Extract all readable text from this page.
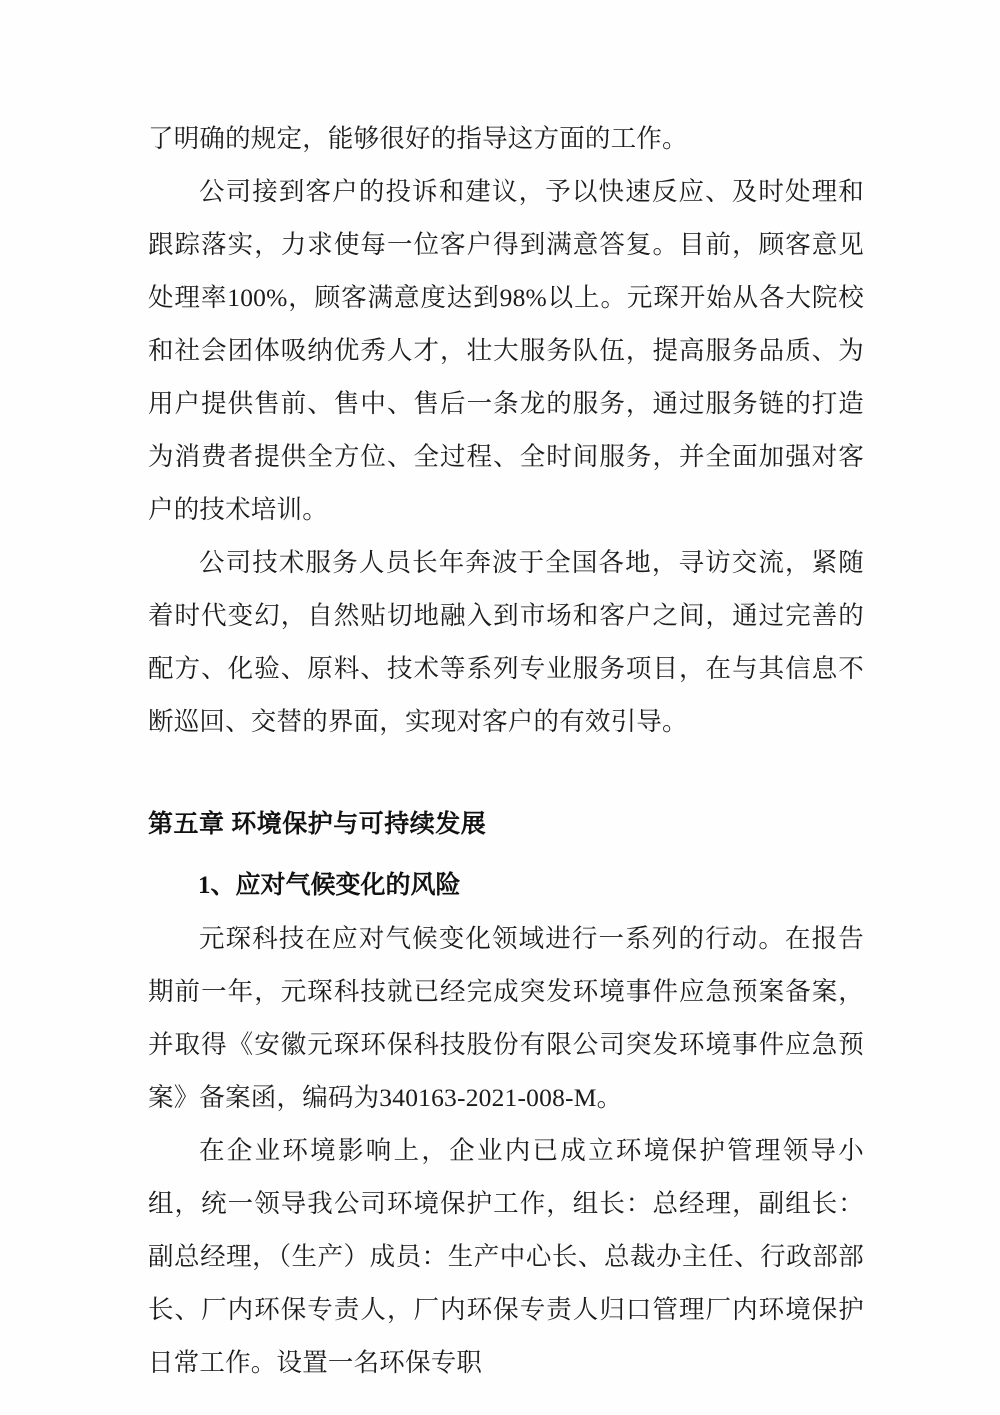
了明确的规定，能够很好的指导这方面的工作。

公司接到客户的投诉和建议，予以快速反应、及时处理和跟踪落实，力求使每一位客户得到满意答复。目前，顾客意见处理率100%，顾客满意度达到98%以上。元琛开始从各大院校和社会团体吸纳优秀人才，壮大服务队伍，提高服务品质、为用户提供售前、售中、售后一条龙的服务，通过服务链的打造为消费者提供全方位、全过程、全时间服务，并全面加强对客户的技术培训。

公司技术服务人员长年奔波于全国各地，寻访交流，紧随着时代变幻，自然贴切地融入到市场和客户之间，通过完善的配方、化验、原料、技术等系列专业服务项目，在与其信息不断巡回、交替的界面，实现对客户的有效引导。

第五章 环境保护与可持续发展
1、应对气候变化的风险

元琛科技在应对气候变化领域进行一系列的行动。在报告期前一年，元琛科技就已经完成突发环境事件应急预案备案，并取得《安徽元琛环保科技股份有限公司突发环境事件应急预案》备案函，编码为340163-2021-008-M。

在企业环境影响上，企业内已成立环境保护管理领导小组，统一领导我公司环境保护工作，组长：总经理，副组长：副总经理，（生产）成员：生产中心长、总裁办主任、行政部部长、厂内环保专责人，厂内环保专责人归口管理厂内环境保护日常工作。设置一名环保专职
